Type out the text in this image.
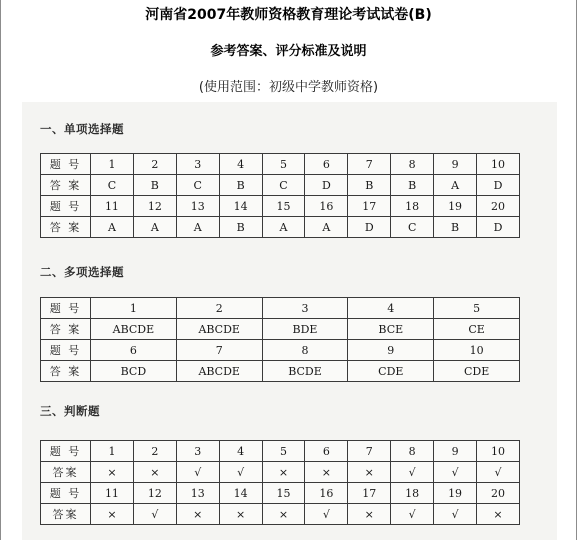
河南省2007年教师资格教育理论考试试卷(B)
参考答案、评分标准及说明
(使用范围：初级中学教师资格)
一、单项选择题
题 号	1	2	3	4	5	6	7	8	9	10
答 案	C	B	C	B	C	D	B	B	A	D
题 号	11	12	13	14	15	16	17	18	19	20
答 案	A	A	A	B	A	A	D	C	B	D
二、多项选择题
题 号	1	2	3	4	5
答 案	ABCDE	ABCDE	BDE	BCE	CE
题 号	6	7	8	9	10
答 案	BCD	ABCDE	BCDE	CDE	CDE
三、判断题
题 号	1	2	3	4	5	6	7	8	9	10
答案	×	×	√	√	×	×	×	√	√	√
题 号	11	12	13	14	15	16	17	18	19	20
答案	×	√	×	×	×	√	×	√	√	×
